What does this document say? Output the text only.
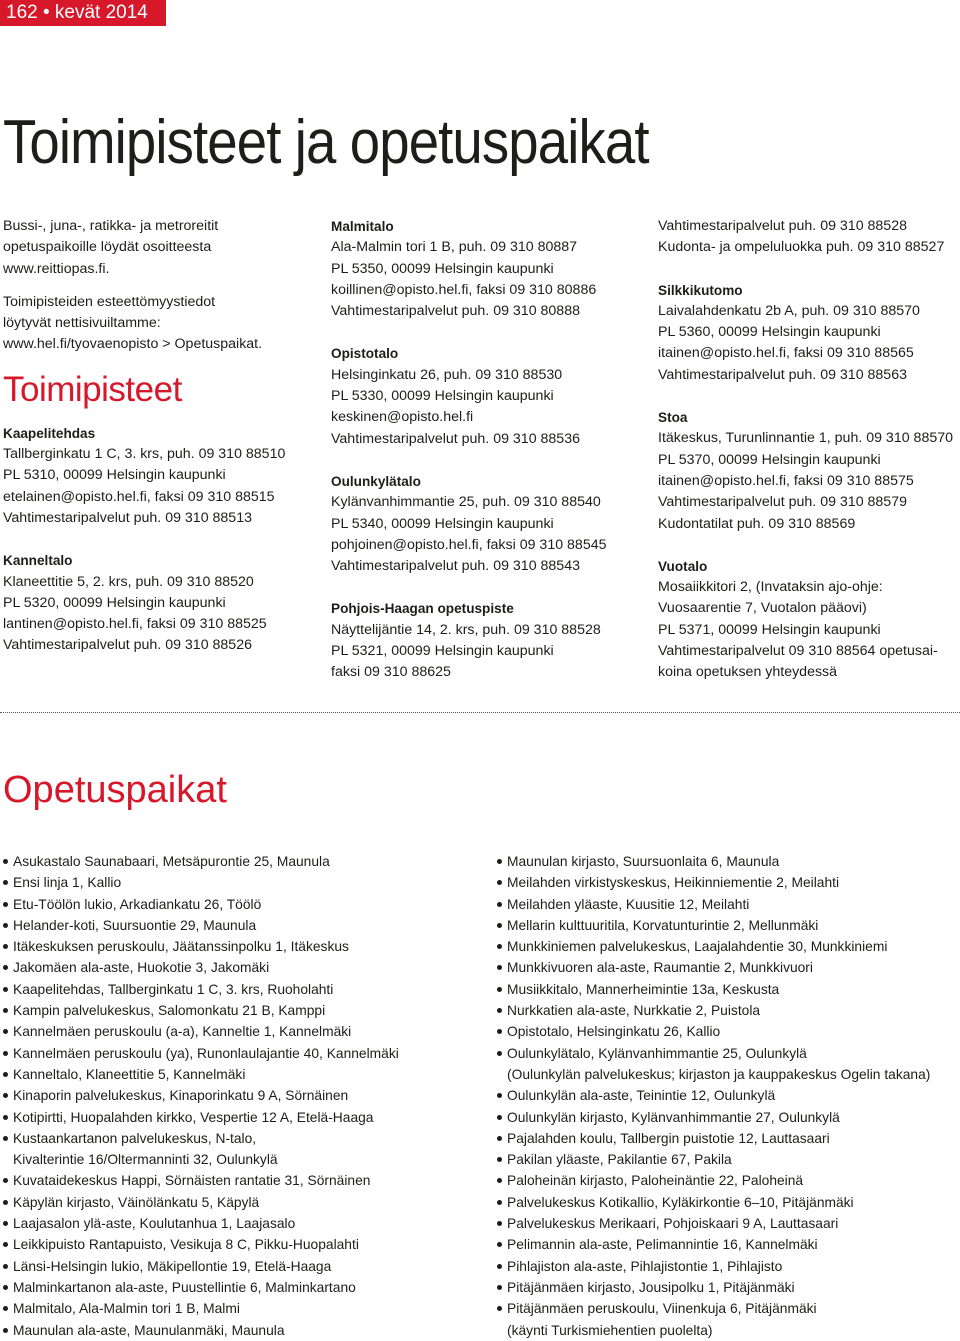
162 • kevät 2014
Toimipisteet ja opetuspaikat

Bussi-, juna-, ratikka- ja metroreitit

opetuspaikoille löydät osoitteesta

www.reittiopas.fi.

Toimipisteiden esteettömyystiedot

löytyvät nettisivuiltamme:

www.hel.fi/tyovaenopisto > Opetuspaikat.

Toimipisteet

Kaapelitehdas

Tallberginkatu 1 C, 3. krs, puh. 09 310 88510

PL 5310, 00099 Helsingin kaupunki

etelainen@opisto.hel.fi, faksi 09 310 88515

Vahtimestaripalvelut puh. 09 310 88513

Kanneltalo

Klaneettitie 5, 2. krs, puh. 09 310 88520

PL 5320, 00099 Helsingin kaupunki

lantinen@opisto.hel.fi, faksi 09 310 88525

Vahtimestaripalvelut puh. 09 310 88526

Malmitalo

Ala-Malmin tori 1 B, puh. 09 310 80887

PL 5350, 00099 Helsingin kaupunki

koillinen@opisto.hel.fi, faksi 09 310 80886

Vahtimestaripalvelut puh. 09 310 80888

Opistotalo

Helsinginkatu 26, puh. 09 310 88530

PL 5330, 00099 Helsingin kaupunki

keskinen@opisto.hel.fi

Vahtimestaripalvelut puh. 09 310 88536

Oulunkylätalo

Kylänvanhimmantie 25, puh. 09 310 88540

PL 5340, 00099 Helsingin kaupunki

pohjoinen@opisto.hel.fi, faksi 09 310 88545

Vahtimestaripalvelut puh. 09 310 88543

Pohjois-Haagan opetuspiste

Näyttelijäntie 14, 2. krs, puh. 09 310 88528

PL 5321, 00099 Helsingin kaupunki

faksi 09 310 88625

Vahtimestaripalvelut puh. 09 310 88528

Kudonta- ja ompeluluokka puh. 09 310 88527

Silkkikutomo

Laivalahdenkatu 2b A, puh. 09 310 88570

PL 5360, 00099 Helsingin kaupunki

itainen@opisto.hel.fi, faksi 09 310 88565

Vahtimestaripalvelut puh. 09 310 88563

Stoa

Itäkeskus, Turunlinnantie 1, puh. 09 310 88570

PL 5370, 00099 Helsingin kaupunki

itainen@opisto.hel.fi, faksi 09 310 88575

Vahtimestaripalvelut puh. 09 310 88579

Kudontatilat puh. 09 310 88569

Vuotalo

Mosaiikkitori 2, (Invataksin ajo-ohje:

Vuosaarentie 7, Vuotalon pääovi)

PL 5371, 00099 Helsingin kaupunki

Vahtimestaripalvelut 09 310 88564 opetusai-

koina opetuksen yhteydessä

Opetuspaikat
Asukastalo Saunabaari, Metsäpurontie 25, Maunula
Ensi linja 1, Kallio
Etu-Töölön lukio, Arkadiankatu 26, Töölö
Helander-koti, Suursuontie 29, Maunula
Itäkeskuksen peruskoulu, Jäätanssinpolku 1, Itäkeskus
Jakomäen ala-aste, Huokotie 3, Jakomäki
Kaapelitehdas, Tallberginkatu 1 C, 3. krs, Ruoholahti
Kampin palvelukeskus, Salomonkatu 21 B, Kamppi
Kannelmäen peruskoulu (a-a), Kanneltie 1, Kannelmäki
Kannelmäen peruskoulu (ya), Runonlaulajantie 40, Kannelmäki
Kanneltalo, Klaneettitie 5, Kannelmäki
Kinaporin palvelukeskus, Kinaporinkatu 9 A, Sörnäinen
Kotipirtti, Huopalahden kirkko, Vespertie 12 A, Etelä-Haaga
Kustaankartanon palvelukeskus, N-talo,
Kivalterintie 16/Oltermanninti 32, Oulunkylä
Kuvataidekeskus Happi, Sörnäisten rantatie 31, Sörnäinen
Käpylän kirjasto, Väinölänkatu 5, Käpylä
Laajasalon ylä-aste, Koulutanhua 1, Laajasalo
Leikkipuisto Rantapuisto, Vesikuja 8 C, Pikku-Huopalahti
Länsi-Helsingin lukio, Mäkipellontie 19, Etelä-Haaga
Malminkartanon ala-aste, Puustellintie 6, Malminkartano
Malmitalo, Ala-Malmin tori 1 B, Malmi
Maunulan ala-aste, Maunulanmäki, Maunula
Maunulan kirjasto, Suursuonlaita 6, Maunula
Meilahden virkistyskeskus, Heikinniementie 2, Meilahti
Meilahden yläaste, Kuusitie 12, Meilahti
Mellarin kulttuuritila, Korvatunturintie 2, Mellunmäki
Munkkiniemen palvelukeskus, Laajalahdentie 30, Munkkiniemi
Munkkivuoren ala-aste, Raumantie 2, Munkkivuori
Musiikkitalo, Mannerheimintie 13a, Keskusta
Nurkkatien ala-aste, Nurkkatie 2, Puistola
Opistotalo, Helsinginkatu 26, Kallio
Oulunkylätalo, Kylänvanhimmantie 25, Oulunkylä
(Oulunkylän palvelukeskus; kirjaston ja kauppakeskus Ogelin takana)
Oulunkylän ala-aste, Teinintie 12, Oulunkylä
Oulunkylän kirjasto, Kylänvanhimmantie 27, Oulunkylä
Pajalahden koulu, Tallbergin puistotie 12, Lauttasaari
Pakilan yläaste, Pakilantie 67, Pakila
Paloheinän kirjasto, Paloheinäntie 22, Paloheinä
Palvelukeskus Kotikallio, Kyläkirkontie 6–10, Pitäjänmäki
Palvelukeskus Merikaari, Pohjoiskaari 9 A, Lauttasaari
Pelimannin ala-aste, Pelimannintie 16, Kannelmäki
Pihlajiston ala-aste, Pihlajistontie 1, Pihlajisto
Pitäjänmäen kirjasto, Jousipolku 1, Pitäjänmäki
Pitäjänmäen peruskoulu, Viinenkuja 6, Pitäjänmäki
(käynti Turkismiehentien puolelta)
